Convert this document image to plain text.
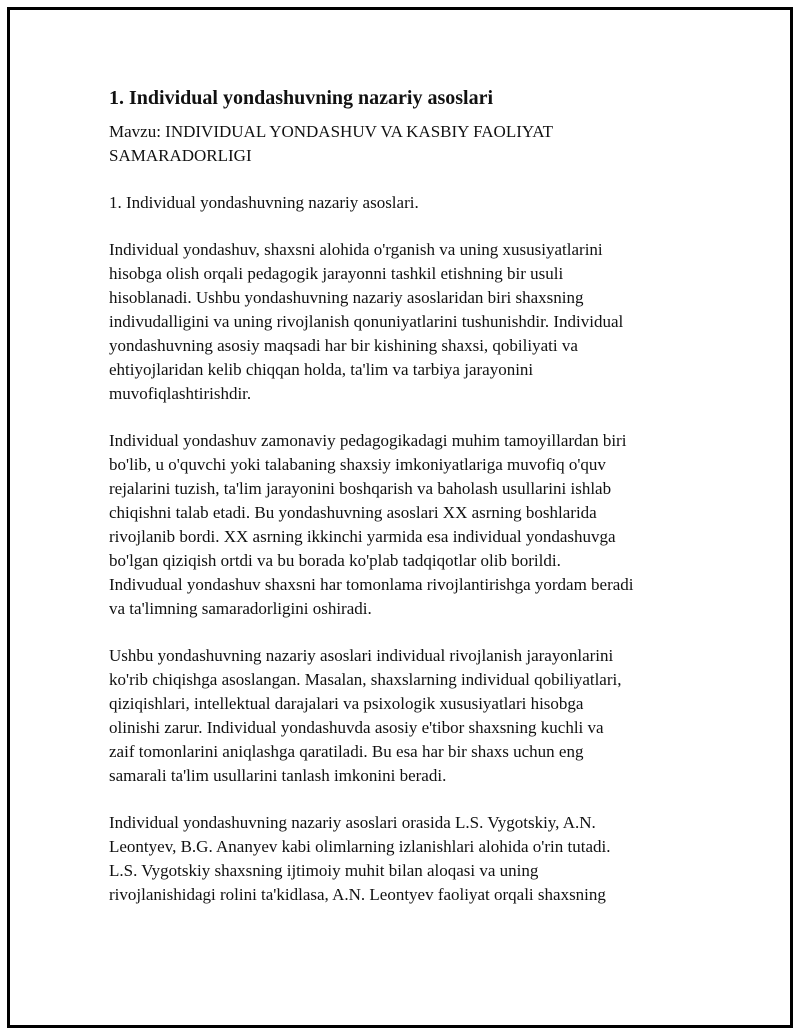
1. Individual yondashuvning nazariy asoslari
Mavzu: INDIVIDUAL YONDASHUV VA KASBIY FAOLIYAT
SAMARADORLIGI
1. Individual yondashuvning nazariy asoslari.
Individual yondashuv, shaxsni alohida o'rganish va uning xususiyatlarini
hisobga olish orqali pedagogik jarayonni tashkil etishning bir usuli
hisoblanadi. Ushbu yondashuvning nazariy asoslaridan biri shaxsning
indivudalligini va uning rivojlanish qonuniyatlarini tushunishdir. Individual
yondashuvning asosiy maqsadi har bir kishining shaxsi, qobiliyati va
ehtiyojlaridan kelib chiqqan holda, ta'lim va tarbiya jarayonini
muvofiqlashtirishdir.
Individual yondashuv zamonaviy pedagogikadagi muhim tamoyillardan biri
bo'lib, u o'quvchi yoki talabaning shaxsiy imkoniyatlariga muvofiq o'quv
rejalarini tuzish, ta'lim jarayonini boshqarish va baholash usullarini ishlab
chiqishni talab etadi. Bu yondashuvning asoslari XX asrning boshlarida
rivojlanib bordi. XX asrning ikkinchi yarmida esa individual yondashuvga
bo'lgan qiziqish ortdi va bu borada ko'plab tadqiqotlar olib borildi.
Indivudual yondashuv shaxsni har tomonlama rivojlantirishga yordam beradi
va ta'limning samaradorligini oshiradi.
Ushbu yondashuvning nazariy asoslari individual rivojlanish jarayonlarini
ko'rib chiqishga asoslangan. Masalan, shaxslarning individual qobiliyatlari,
qiziqishlari, intellektual darajalari va psixologik xususiyatlari hisobga
olinishi zarur. Individual yondashuvda asosiy e'tibor shaxsning kuchli va
zaif tomonlarini aniqlashga qaratiladi. Bu esa har bir shaxs uchun eng
samarali ta'lim usullarini tanlash imkonini beradi.
Individual yondashuvning nazariy asoslari orasida L.S. Vygotskiy, A.N.
Leontyev, B.G. Ananyev kabi olimlarning izlanishlari alohida o'rin tutadi.
L.S. Vygotskiy shaxsning ijtimoiy muhit bilan aloqasi va uning
rivojlanishidagi rolini ta'kidlasa, A.N. Leontyev faoliyat orqali shaxsning
